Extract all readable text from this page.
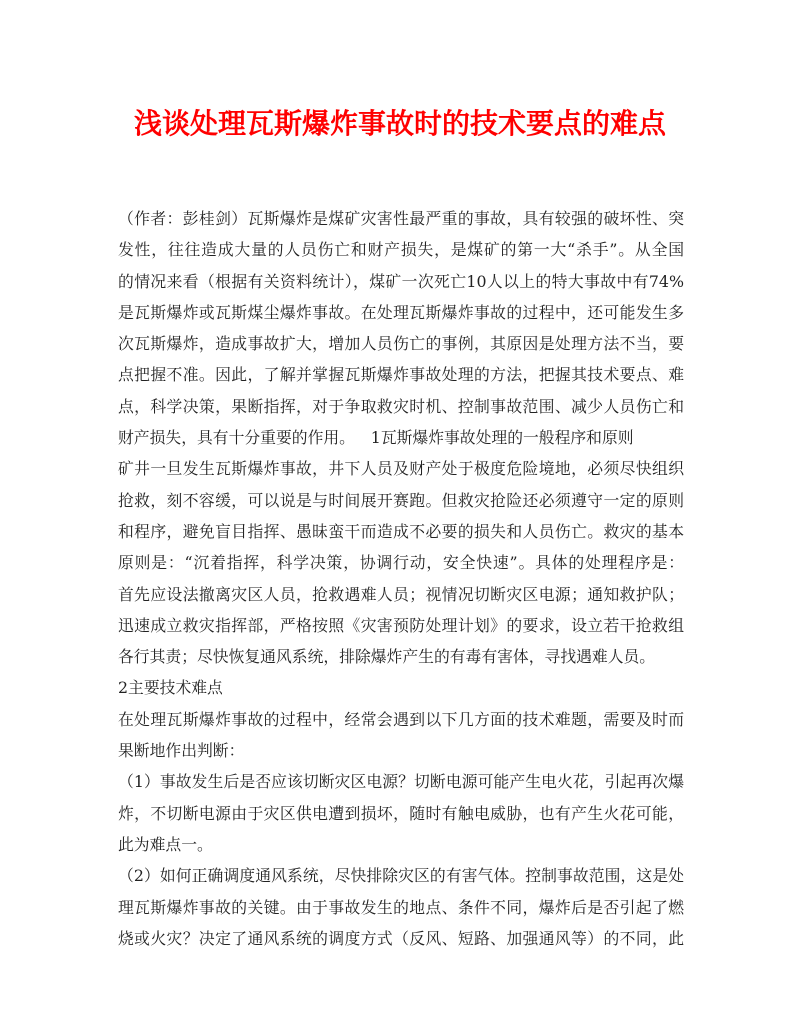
浅谈处理瓦斯爆炸事故时的技术要点的难点
（作者：彭桂剑）瓦斯爆炸是煤矿灾害性最严重的事故，具有较强的破坏性、突
发性，往往造成大量的人员伤亡和财产损失，是煤矿的第一大“杀手”。从全国
的情况来看（根据有关资料统计），煤矿一次死亡10人以上的特大事故中有74%
是瓦斯爆炸或瓦斯煤尘爆炸事故。在处理瓦斯爆炸事故的过程中，还可能发生多
次瓦斯爆炸，造成事故扩大，增加人员伤亡的事例，其原因是处理方法不当，要
点把握不准。因此，了解并掌握瓦斯爆炸事故处理的方法，把握其技术要点、难
点，科学决策，果断指挥，对于争取救灾时机、控制事故范围、减少人员伤亡和
财产损失，具有十分重要的作用。 1瓦斯爆炸事故处理的一般程序和原则
矿井一旦发生瓦斯爆炸事故，井下人员及财产处于极度危险境地，必须尽快组织
抢救，刻不容缓，可以说是与时间展开赛跑。但救灾抢险还必须遵守一定的原则
和程序，避免盲目指挥、愚昧蛮干而造成不必要的损失和人员伤亡。救灾的基本
原则是：“沉着指挥，科学决策，协调行动，安全快速”。具体的处理程序是：
首先应设法撤离灾区人员，抢救遇难人员；视情况切断灾区电源；通知救护队；
迅速成立救灾指挥部，严格按照《灾害预防处理计划》的要求，设立若干抢救组
各行其责；尽快恢复通风系统，排除爆炸产生的有毒有害体，寻找遇难人员。
2主要技术难点
在处理瓦斯爆炸事故的过程中，经常会遇到以下几方面的技术难题，需要及时而
果断地作出判断：
（1）事故发生后是否应该切断灾区电源？切断电源可能产生电火花，引起再次爆
炸，不切断电源由于灾区供电遭到损坏，随时有触电威胁，也有产生火花可能，
此为难点一。
（2）如何正确调度通风系统，尽快排除灾区的有害气体。控制事故范围，这是处
理瓦斯爆炸事故的关键。由于事故发生的地点、条件不同，爆炸后是否引起了燃
烧或火灾？决定了通风系统的调度方式（反风、短路、加强通风等）的不同，此
